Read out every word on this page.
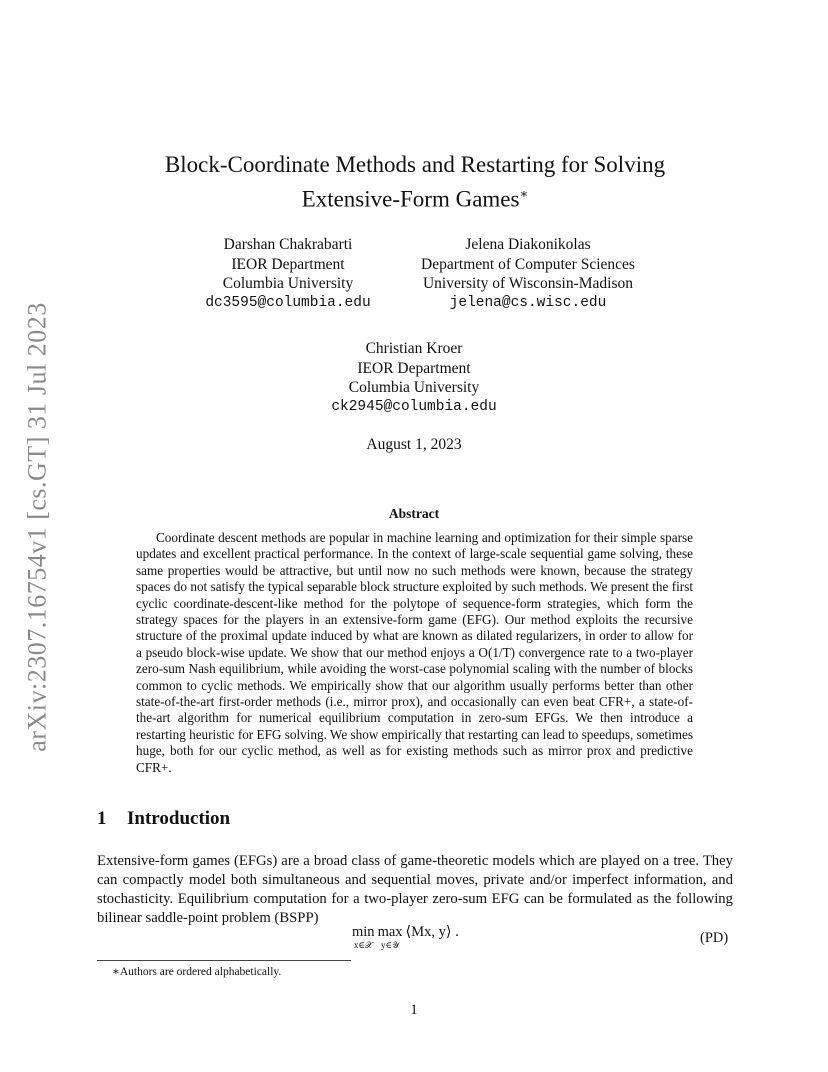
arXiv:2307.16754v1 [cs.GT] 31 Jul 2023
Block-Coordinate Methods and Restarting for Solving
Extensive-Form Games∗
Darshan Chakrabarti
IEOR Department
Columbia University
dc3595@columbia.edu
Jelena Diakonikolas
Department of Computer Sciences
University of Wisconsin-Madison
jelena@cs.wisc.edu
Christian Kroer
IEOR Department
Columbia University
ck2945@columbia.edu
August 1, 2023
Abstract
Coordinate descent methods are popular in machine learning and optimization for their simple sparse updates and excellent practical performance. In the context of large-scale sequential game solving, these same properties would be attractive, but until now no such methods were known, because the strategy spaces do not satisfy the typical separable block structure exploited by such methods. We present the first cyclic coordinate-descent-like method for the polytope of sequence-form strategies, which form the strategy spaces for the players in an extensive-form game (EFG). Our method exploits the recursive structure of the proximal update induced by what are known as dilated regularizers, in order to allow for a pseudo block-wise update. We show that our method enjoys a O(1/T) convergence rate to a two-player zero-sum Nash equilibrium, while avoiding the worst-case polynomial scaling with the number of blocks common to cyclic methods. We empirically show that our algorithm usually performs better than other state-of-the-art first-order methods (i.e., mirror prox), and occasionally can even beat CFR+, a state-of-the-art algorithm for numerical equilibrium computation in zero-sum EFGs. We then introduce a restarting heuristic for EFG solving. We show empirically that restarting can lead to speedups, sometimes huge, both for our cyclic method, as well as for existing methods such as mirror prox and predictive CFR+.
1 Introduction
Extensive-form games (EFGs) are a broad class of game-theoretic models which are played on a tree. They can compactly model both simultaneous and sequential moves, private and/or imperfect information, and stochasticity. Equilibrium computation for a two-player zero-sum EFG can be formulated as the following bilinear saddle-point problem (BSPP)
min
x∈𝒳
max
y∈𝒴
⟨Mx, y⟩ .	(PD)
∗Authors are ordered alphabetically.
1
